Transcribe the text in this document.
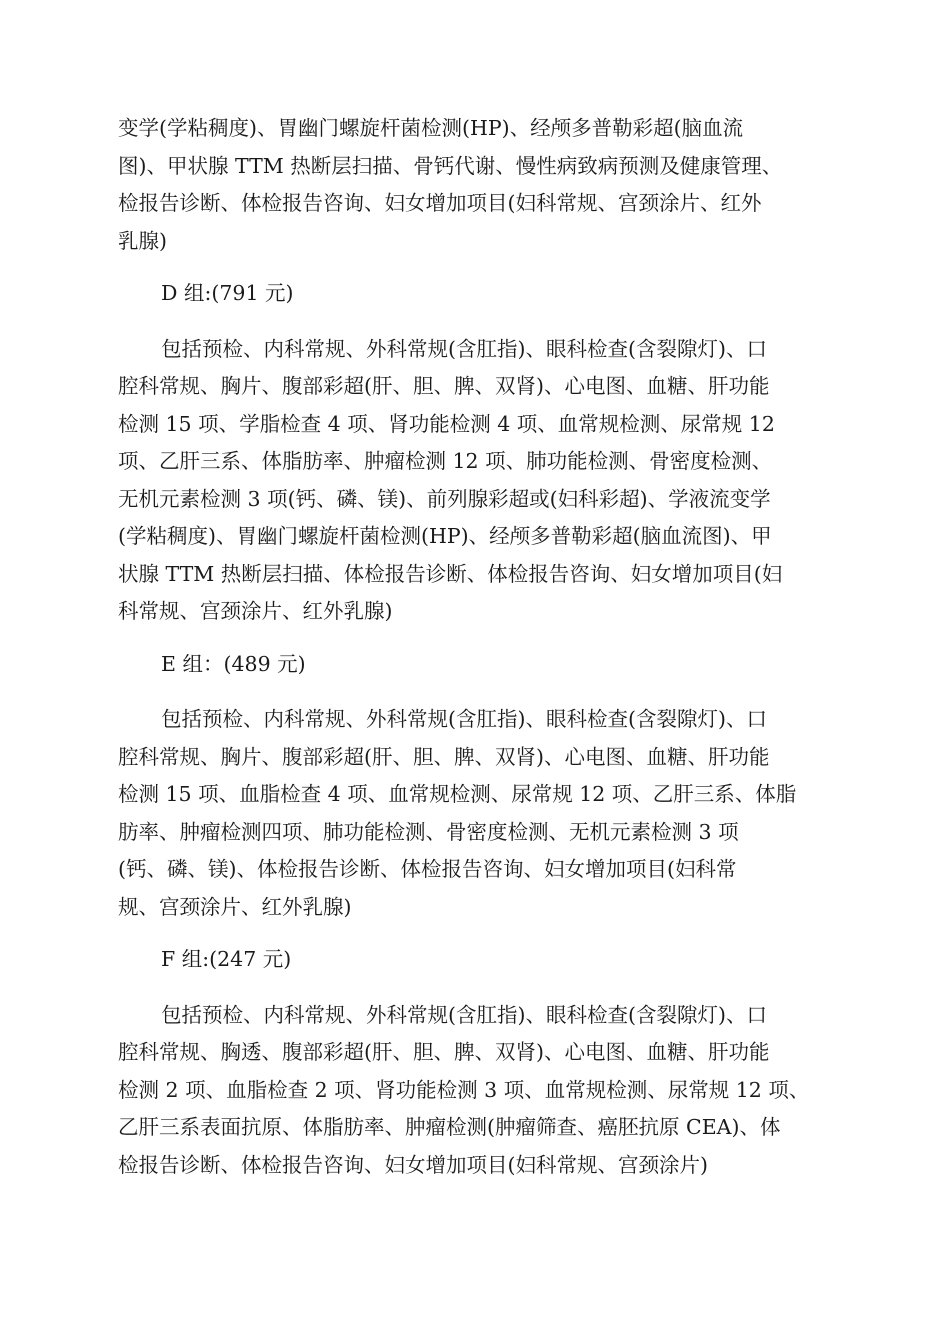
变学(学粘稠度)、胃幽门螺旋杆菌检测(HP)、经颅多普勒彩超(脑血流
图)、甲状腺 TTM 热断层扫描、骨钙代谢、慢性病致病预测及健康管理、
检报告诊断、体检报告咨询、妇女增加项目(妇科常规、宫颈涂片、红外
乳腺)
D 组:(791 元)
包括预检、内科常规、外科常规(含肛指)、眼科检查(含裂隙灯)、口
腔科常规、胸片、腹部彩超(肝、胆、脾、双肾)、心电图、血糖、肝功能
检测 15 项、学脂检查 4 项、肾功能检测 4 项、血常规检测、尿常规 12
项、乙肝三系、体脂肪率、肿瘤检测 12 项、肺功能检测、骨密度检测、
无机元素检测 3 项(钙、磷、镁)、前列腺彩超或(妇科彩超)、学液流变学
(学粘稠度)、胃幽门螺旋杆菌检测(HP)、经颅多普勒彩超(脑血流图)、甲
状腺 TTM 热断层扫描、体检报告诊断、体检报告咨询、妇女增加项目(妇
科常规、宫颈涂片、红外乳腺)
E 组：(489 元)
包括预检、内科常规、外科常规(含肛指)、眼科检查(含裂隙灯)、口
腔科常规、胸片、腹部彩超(肝、胆、脾、双肾)、心电图、血糖、肝功能
检测 15 项、血脂检查 4 项、血常规检测、尿常规 12 项、乙肝三系、体脂
肪率、肿瘤检测四项、肺功能检测、骨密度检测、无机元素检测 3 项
(钙、磷、镁)、体检报告诊断、体检报告咨询、妇女增加项目(妇科常
规、宫颈涂片、红外乳腺)
F 组:(247 元)
包括预检、内科常规、外科常规(含肛指)、眼科检查(含裂隙灯)、口
腔科常规、胸透、腹部彩超(肝、胆、脾、双肾)、心电图、血糖、肝功能
检测 2 项、血脂检查 2 项、肾功能检测 3 项、血常规检测、尿常规 12 项、
乙肝三系表面抗原、体脂肪率、肿瘤检测(肿瘤筛查、癌胚抗原 CEA)、体
检报告诊断、体检报告咨询、妇女增加项目(妇科常规、宫颈涂片)
